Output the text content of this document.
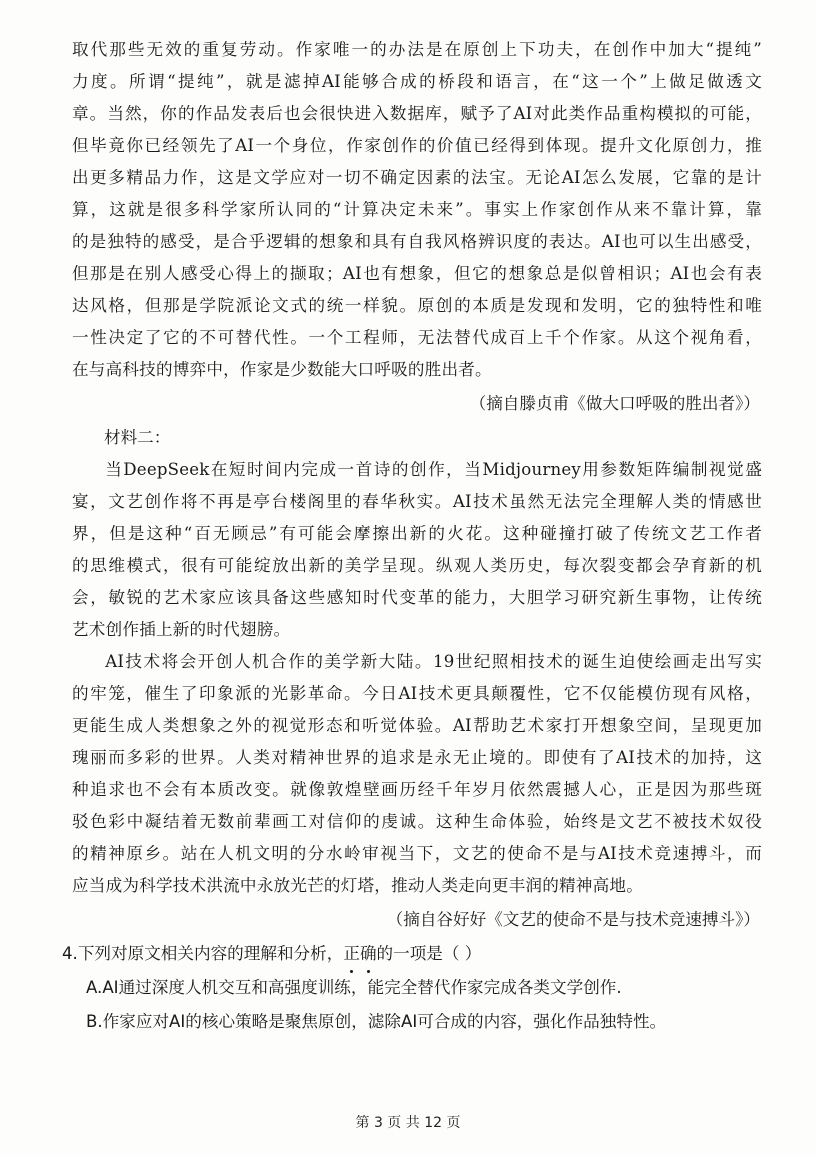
取代那些无效的重复劳动。作家唯一的办法是在原创上下功夫，在创作中加大“提纯”
力度。所谓“提纯”，就是滤掉AI能够合成的桥段和语言，在“这一个”上做足做透文
章。当然，你的作品发表后也会很快进入数据库，赋予了AI对此类作品重构模拟的可能，
但毕竟你已经领先了AI一个身位，作家创作的价值已经得到体现。提升文化原创力，推
出更多精品力作，这是文学应对一切不确定因素的法宝。无论AI怎么发展，它靠的是计
算，这就是很多科学家所认同的“计算决定未来”。事实上作家创作从来不靠计算，靠
的是独特的感受，是合乎逻辑的想象和具有自我风格辨识度的表达。AI也可以生出感受，
但那是在别人感受心得上的撷取；AI也有想象，但它的想象总是似曾相识；AI也会有表
达风格，但那是学院派论文式的统一样貌。原创的本质是发现和发明，它的独特性和唯
一性决定了它的不可替代性。一个工程师，无法替代成百上千个作家。从这个视角看，
在与高科技的博弈中，作家是少数能大口呼吸的胜出者。
（摘自滕贞甫《做大口呼吸的胜出者》）
材料二：
当DeepSeek在短时间内完成一首诗的创作，当Midjourney用参数矩阵编制视觉盛
宴，文艺创作将不再是亭台楼阁里的春华秋实。AI技术虽然无法完全理解人类的情感世
界，但是这种“百无顾忌”有可能会摩擦出新的火花。这种碰撞打破了传统文艺工作者
的思维模式，很有可能绽放出新的美学呈现。纵观人类历史，每次裂变都会孕育新的机
会，敏锐的艺术家应该具备这些感知时代变革的能力，大胆学习研究新生事物，让传统
艺术创作插上新的时代翅膀。
AI技术将会开创人机合作的美学新大陆。19世纪照相技术的诞生迫使绘画走出写实
的牢笼，催生了印象派的光影革命。今日AI技术更具颠覆性，它不仅能模仿现有风格，
更能生成人类想象之外的视觉形态和听觉体验。AI帮助艺术家打开想象空间，呈现更加
瑰丽而多彩的世界。人类对精神世界的追求是永无止境的。即使有了AI技术的加持，这
种追求也不会有本质改变。就像敦煌壁画历经千年岁月依然震撼人心，正是因为那些斑
驳色彩中凝结着无数前辈画工对信仰的虔诚。这种生命体验，始终是文艺不被技术奴役
的精神原乡。站在人机文明的分水岭审视当下，文艺的使命不是与AI技术竞速搏斗，而
应当成为科学技术洪流中永放光芒的灯塔，推动人类走向更丰润的精神高地。
（摘自谷好好《文艺的使命不是与技术竞速搏斗》）
4.下列对原文相关内容的理解和分析，正确的一项是（ ）
A.AI通过深度人机交互和高强度训练，能完全替代作家完成各类文学创作.
B.作家应对AI的核心策略是聚焦原创，滤除AI可合成的内容，强化作品独特性。
第 3 页 共 12 页
